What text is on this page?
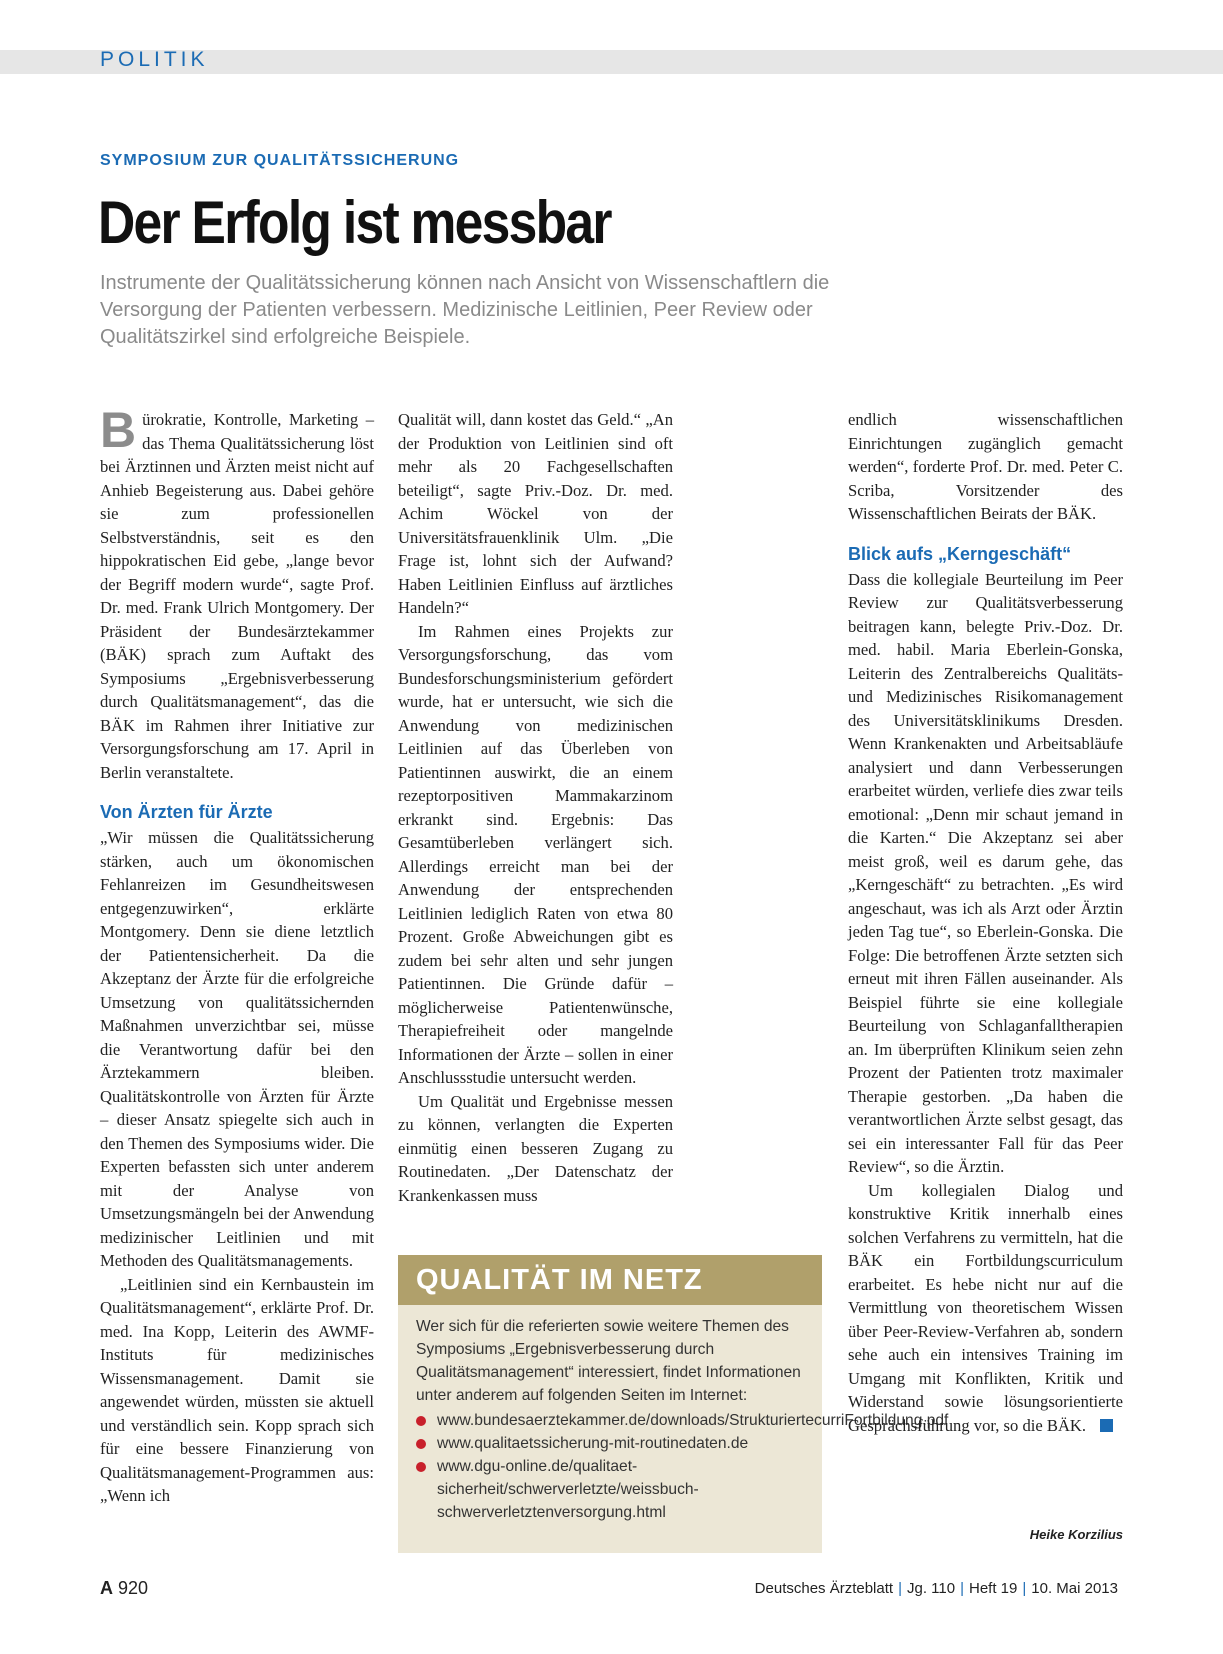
POLITIK
SYMPOSIUM ZUR QUALITÄTSSICHERUNG
Der Erfolg ist messbar
Instrumente der Qualitätssicherung können nach Ansicht von Wissenschaftlern die Versorgung der Patienten verbessern. Medizinische Leitlinien, Peer Review oder Qualitätszirkel sind erfolgreiche Beispiele.

Bürokratie, Kontrolle, Marketing – das Thema Qualitätssicherung löst bei Ärztinnen und Ärzten meist nicht auf Anhieb Begeisterung aus. Dabei gehöre sie zum professionellen Selbstverständnis, seit es den hippokratischen Eid gebe, „lange bevor der Begriff modern wurde“, sagte Prof. Dr. med. Frank Ulrich Montgomery. Der Präsident der Bundesärztekammer (BÄK) sprach zum Auftakt des Symposiums „Ergebnisverbesserung durch Qualitätsmanagement“, das die BÄK im Rahmen ihrer Initiative zur Versorgungsforschung am 17. April in Berlin veranstaltete.

Von Ärzten für Ärzte

„Wir müssen die Qualitätssicherung stärken, auch um ökonomischen Fehlanreizen im Gesundheitswesen entgegenzuwirken“, erklärte Montgomery. Denn sie diene letztlich der Patientensicherheit. Da die Akzeptanz der Ärzte für die erfolgreiche Umsetzung von qualitätssichernden Maßnahmen unverzichtbar sei, müsse die Verantwortung dafür bei den Ärztekammern bleiben. Qualitätskontrolle von Ärzten für Ärzte – dieser Ansatz spiegelte sich auch in den Themen des Symposiums wider. Die Experten befassten sich unter anderem mit der Analyse von Umsetzungsmängeln bei der Anwendung medizinischer Leitlinien und mit Methoden des Qualitätsmanagements.

„Leitlinien sind ein Kernbaustein im Qualitätsmanagement“, erklärte Prof. Dr. med. Ina Kopp, Leiterin des AWMF-Instituts für medizinisches Wissensmanagement. Damit sie angewendet würden, müssten sie aktuell und verständlich sein. Kopp sprach sich für eine bessere Finanzierung von Qualitätsmanagement-Programmen aus: „Wenn ich

Qualität will, dann kostet das Geld.“ „An der Produktion von Leitlinien sind oft mehr als 20 Fachgesellschaften beteiligt“, sagte Priv.-Doz. Dr. med. Achim Wöckel von der Universitätsfrauenklinik Ulm. „Die Frage ist, lohnt sich der Aufwand? Haben Leitlinien Einfluss auf ärztliches Handeln?“

Im Rahmen eines Projekts zur Versorgungsforschung, das vom Bundesforschungsministerium gefördert wurde, hat er untersucht, wie sich die Anwendung von medizinischen Leitlinien auf das Überleben von Patientinnen auswirkt, die an einem rezeptorpositiven Mammakarzinom erkrankt sind. Ergebnis: Das Gesamtüberleben verlängert sich. Allerdings erreicht man bei der Anwendung der entsprechenden Leitlinien lediglich Raten von etwa 80 Prozent. Große Abweichungen gibt es zudem bei sehr alten und sehr jungen Patientinnen. Die Gründe dafür – möglicherweise Patientenwünsche, Therapiefreiheit oder mangelnde Informationen der Ärzte – sollen in einer Anschlussstudie untersucht werden.

Um Qualität und Ergebnisse messen zu können, verlangten die Experten einmütig einen besseren Zugang zu Routinedaten. „Der Datenschatz der Krankenkassen muss

QUALITÄT IM NETZ

Wer sich für die referierten sowie weitere Themen des Symposiums „Ergebnisverbesserung durch Qualitätsmanagement“ interessiert, findet Informationen unter anderem auf folgenden Seiten im Internet:

www.bundesaerztekammer.de/downloads/StrukturiertecurriFortbildung.pdf
www.qualitaetssicherung-mit-routinedaten.de
www.dgu-online.de/qualitaet-sicherheit/schwerverletzte/weissbuch-schwerverletztenversorgung.html

endlich wissenschaftlichen Einrichtungen zugänglich gemacht werden“, forderte Prof. Dr. med. Peter C. Scriba, Vorsitzender des Wissenschaftlichen Beirats der BÄK.

Blick aufs „Kerngeschäft“

Dass die kollegiale Beurteilung im Peer Review zur Qualitätsverbesserung beitragen kann, belegte Priv.-Doz. Dr. med. habil. Maria Eberlein-Gonska, Leiterin des Zentralbereichs Qualitäts- und Medizinisches Risikomanagement des Universitätsklinikums Dresden. Wenn Krankenakten und Arbeitsabläufe analysiert und dann Verbesserungen erarbeitet würden, verliefe dies zwar teils emotional: „Denn mir schaut jemand in die Karten.“ Die Akzeptanz sei aber meist groß, weil es darum gehe, das „Kerngeschäft“ zu betrachten. „Es wird angeschaut, was ich als Arzt oder Ärztin jeden Tag tue“, so Eberlein-Gonska. Die Folge: Die betroffenen Ärzte setzten sich erneut mit ihren Fällen auseinander. Als Beispiel führte sie eine kollegiale Beurteilung von Schlaganfalltherapien an. Im überprüften Klinikum seien zehn Prozent der Patienten trotz maximaler Therapie gestorben. „Da haben die verantwortlichen Ärzte selbst gesagt, das sei ein interessanter Fall für das Peer Review“, so die Ärztin.

Um kollegialen Dialog und konstruktive Kritik innerhalb eines solchen Verfahrens zu vermitteln, hat die BÄK ein Fortbildungscurriculum erarbeitet. Es hebe nicht nur auf die Vermittlung von theoretischem Wissen über Peer-Review-Verfahren ab, sondern sehe auch ein intensives Training im Umgang mit Konflikten, Kritik und Widerstand sowie lösungsorientierte Gesprächsführung vor, so die BÄK.

Heike Korzilius
A 920	Deutsches Ärzteblatt | Jg. 110 | Heft 19 | 10. Mai 2013
